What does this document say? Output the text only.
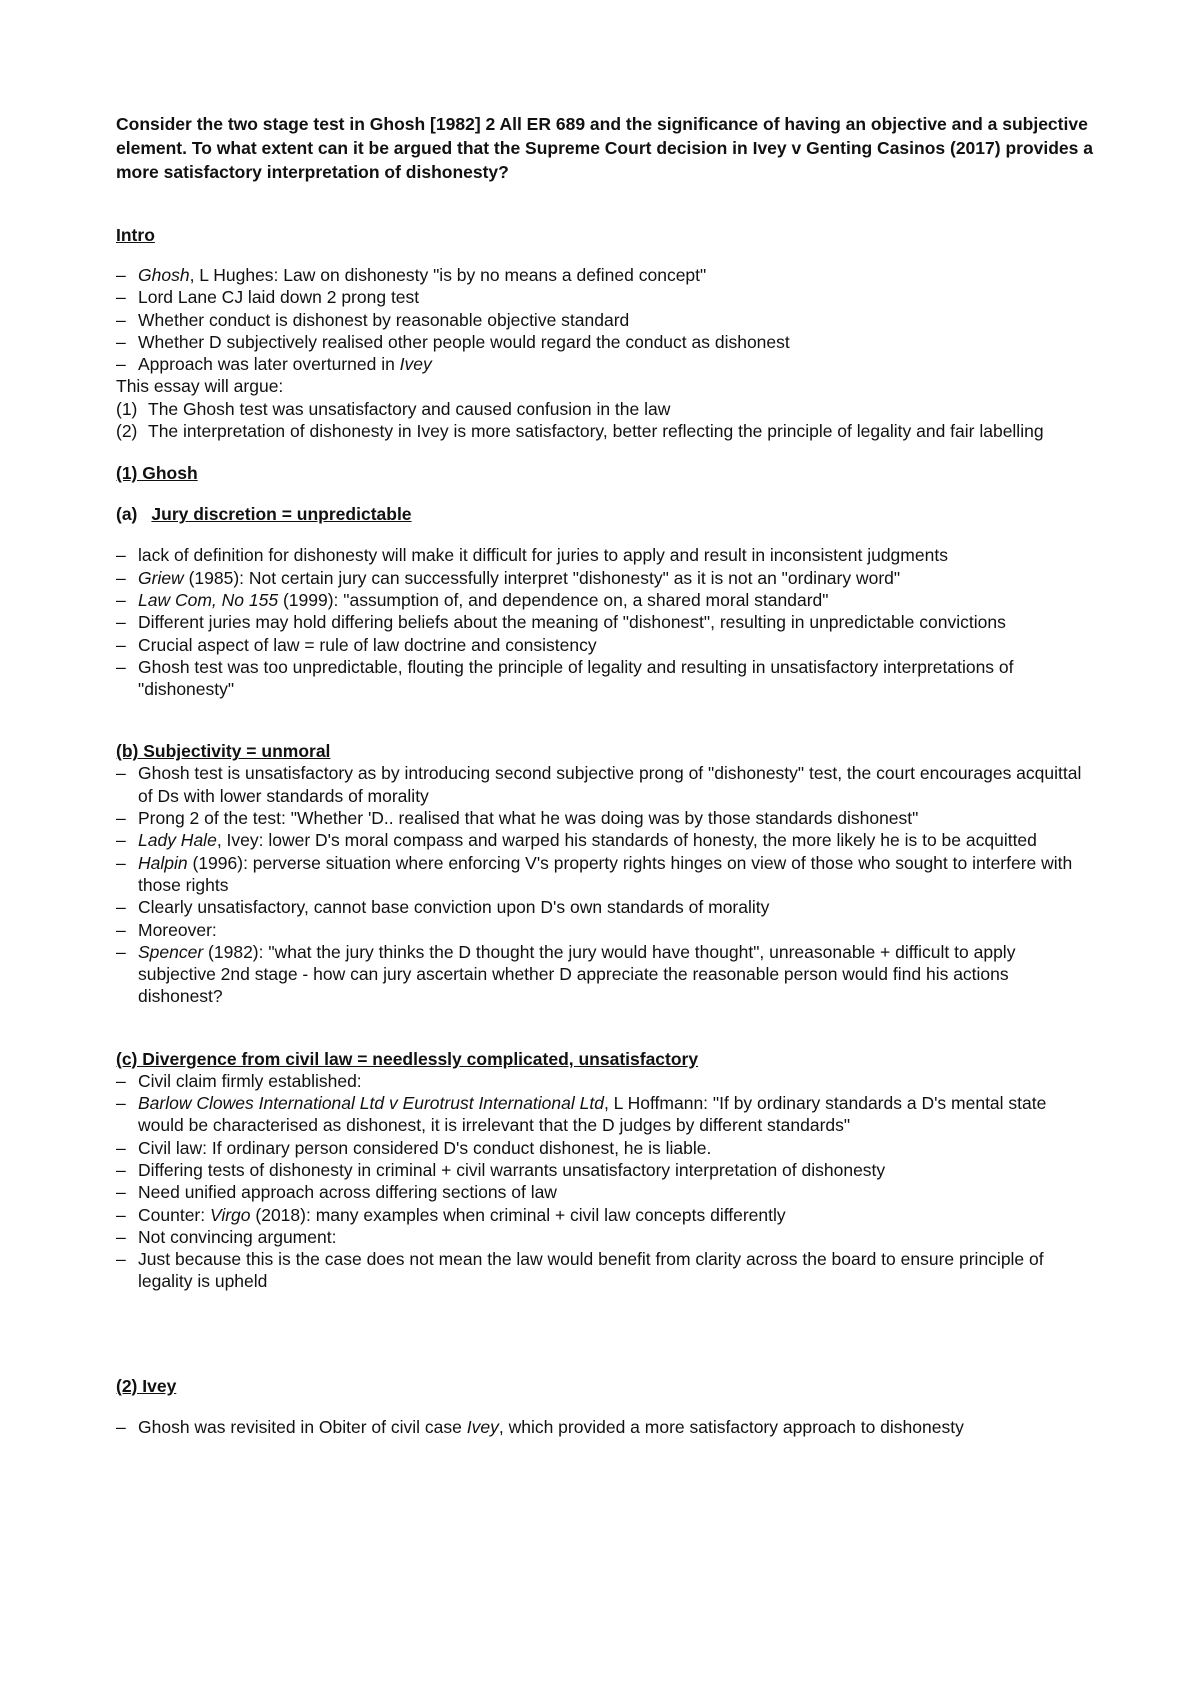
Consider the two stage test in Ghosh [1982] 2 All ER 689 and the significance of having an objective and a subjective element. To what extent can it be argued that the Supreme Court decision in Ivey v Genting Casinos (2017) provides a more satisfactory interpretation of dishonesty?

Intro

– Ghosh, L Hughes: Law on dishonesty "is by no means a defined concept"
– Lord Lane CJ laid down 2 prong test
– Whether conduct is dishonest by reasonable objective standard
– Whether D subjectively realised other people would regard the conduct as dishonest
– Approach was later overturned in Ivey
This essay will argue:
(1) The Ghosh test was unsatisfactory and caused confusion in the law
(2) The interpretation of dishonesty in Ivey is more satisfactory, better reflecting the principle of legality and fair labelling

(1) Ghosh

(a) Jury discretion = unpredictable

– lack of definition for dishonesty will make it difficult for juries to apply and result in inconsistent judgments
– Griew (1985): Not certain jury can successfully interpret "dishonesty" as it is not an "ordinary word"
– Law Com, No 155 (1999): "assumption of, and dependence on, a shared moral standard"
– Different juries may hold differing beliefs about the meaning of "dishonest", resulting in unpredictable convictions
– Crucial aspect of law = rule of law doctrine and consistency
– Ghosh test was too unpredictable, flouting the principle of legality and resulting in unsatisfactory interpretations of "dishonesty"

(b) Subjectivity = unmoral

– Ghosh test is unsatisfactory as by introducing second subjective prong of "dishonesty" test, the court encourages acquittal of Ds with lower standards of morality
– Prong 2 of the test: "Whether 'D.. realised that what he was doing was by those standards dishonest"
– Lady Hale, Ivey: lower D's moral compass and warped his standards of honesty, the more likely he is to be acquitted
– Halpin (1996): perverse situation where enforcing V's property rights hinges on view of those who sought to interfere with those rights
– Clearly unsatisfactory, cannot base conviction upon D's own standards of morality
– Moreover:
– Spencer (1982): "what the jury thinks the D thought the jury would have thought", unreasonable + difficult to apply subjective 2nd stage - how can jury ascertain whether D appreciate the reasonable person would find his actions dishonest?

(c) Divergence from civil law = needlessly complicated, unsatisfactory

– Civil claim firmly established:
– Barlow Clowes International Ltd v Eurotrust International Ltd, L Hoffmann: "If by ordinary standards a D's mental state would be characterised as dishonest, it is irrelevant that the D judges by different standards"
– Civil law: If ordinary person considered D's conduct dishonest, he is liable.
– Differing tests of dishonesty in criminal + civil warrants unsatisfactory interpretation of dishonesty
– Need unified approach across differing sections of law
– Counter: Virgo (2018): many examples when criminal + civil law concepts differently
– Not convincing argument:
– Just because this is the case does not mean the law would benefit from clarity across the board to ensure principle of legality is upheld

(2) Ivey

– Ghosh was revisited in Obiter of civil case Ivey, which provided a more satisfactory approach to dishonesty
